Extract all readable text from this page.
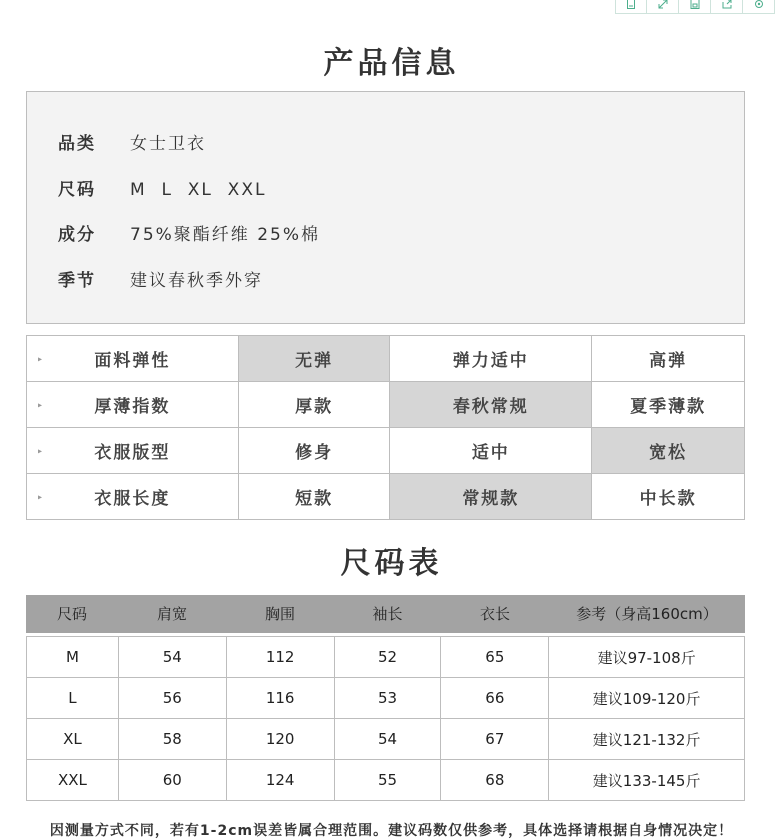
产品信息
品类 女士卫衣
尺码 M  L  XL  XXL
成分 75%聚酯纤维 25%棉
季节 建议春秋季外穿
▸ 面料弹性	无弹	弹力适中	高弹

▸ 厚薄指数	厚款	春秋常规	夏季薄款

▸ 衣服版型	修身	适中	宽松

▸ 衣服长度	短款	常规款	中长款
尺码表
尺码	肩宽	胸围	袖长	衣长	参考（身高160cm）
M	54	112	52	65	建议97-108斤
L	56	116	53	66	建议109-120斤
XL	58	120	54	67	建议121-132斤
XXL	60	124	55	68	建议133-145斤
因测量方式不同，若有1-2cm误差皆属合理范围。建议码数仅供参考，具体选择请根据自身情况决定！
